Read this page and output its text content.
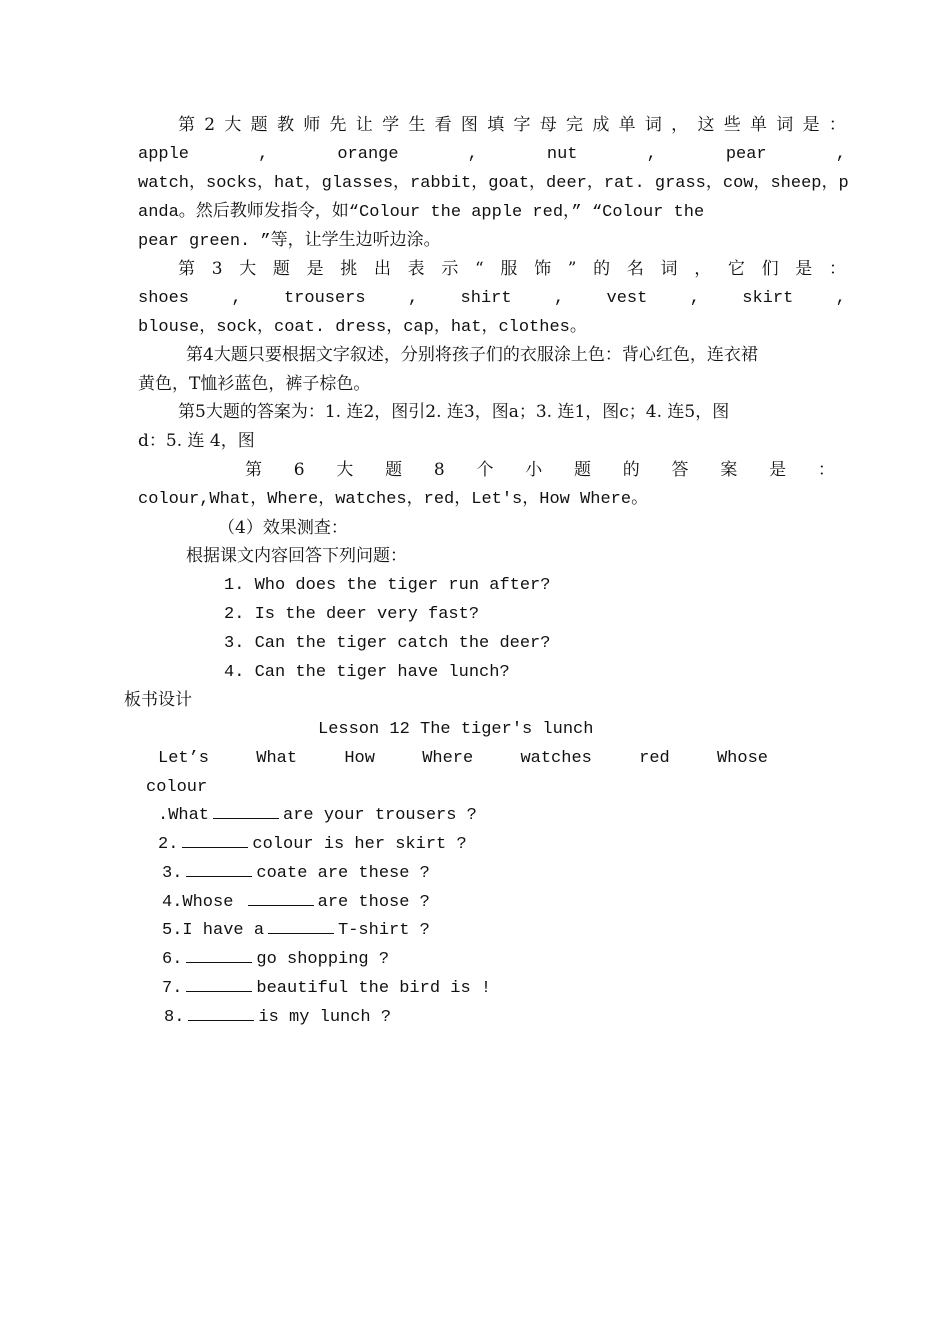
第 2 大 题 教 师 先 让 学 生 看 图 填 字 母 完 成 单 词 ， 这 些 单 词 是 ：
apple	,	orange	,	nut	,	pear	,
watch，socks，hat，glasses，rabbit，goat，deer，rat. grass，cow，sheep，p
anda。然后教师发指令，如“Colour the apple red，” “Colour the
pear green. ”等，让学生边听边涂。
第 3 大 题 是 挑 出 表 示 “ 服 饰 ” 的 名 词 ， 它 们 是 ：
shoes , trousers , shirt , vest , skirt ,
blouse，sock，coat. dress，cap，hat，clothes。
第4大题只要根据文字叙述，分别将孩子们的衣服涂上色：背心红色，连衣裙
黄色，T恤衫蓝色，裤子棕色。
第5大题的答案为：1. 连2，图引2. 连3，图a；3. 连1，图c；4. 连5，图
d：5. 连 4，图
第 6 大 题 8 个 小 题 的 答 案 是 ：
colour,What，Where，watches，red，Let's，How Where。
（4）效果测查：
根据课文内容回答下列问题：
1. Who does the tiger run after?
2. Is the deer very fast?
3. Can the tiger catch the deer?
4. Can the tiger have lunch?
板书设计
Lesson 12 The tiger's lunch
Let’s	What	How	Where	watches	red	Whose
colour
.What	are your trousers ?
2.	colour is her skirt ?
3.	coate are these ?
4.Whose	are those ?
5.I have a	T-shirt ?
6.	go shopping ?
7.	beautiful the bird is !
8.	is my lunch ?
